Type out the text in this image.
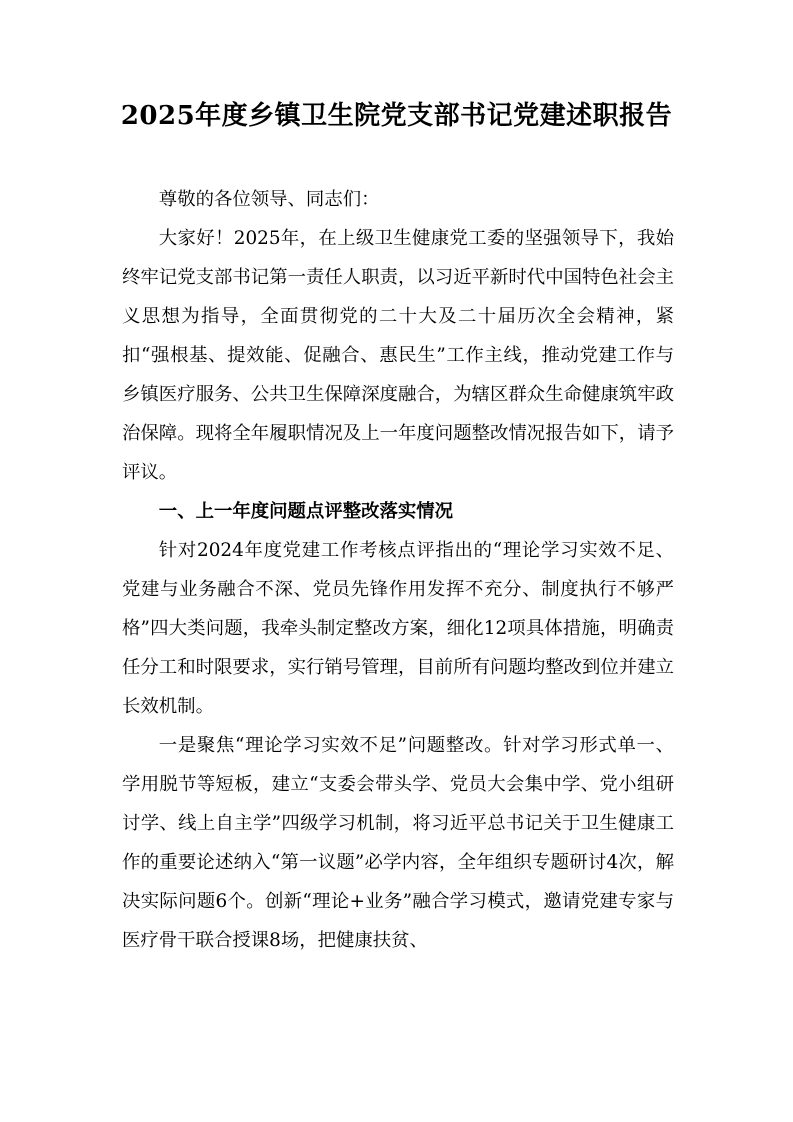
2025年度乡镇卫生院党支部书记党建述职报告

尊敬的各位领导、同志们：

大家好！2025年，在上级卫生健康党工委的坚强领导下，我始终牢记党支部书记第一责任人职责，以习近平新时代中国特色社会主义思想为指导，全面贯彻党的二十大及二十届历次全会精神，紧扣“强根基、提效能、促融合、惠民生”工作主线，推动党建工作与乡镇医疗服务、公共卫生保障深度融合，为辖区群众生命健康筑牢政治保障。现将全年履职情况及上一年度问题整改情况报告如下，请予评议。

一、上一年度问题点评整改落实情况

针对2024年度党建工作考核点评指出的“理论学习实效不足、党建与业务融合不深、党员先锋作用发挥不充分、制度执行不够严格”四大类问题，我牵头制定整改方案，细化12项具体措施，明确责任分工和时限要求，实行销号管理，目前所有问题均整改到位并建立长效机制。

一是聚焦“理论学习实效不足”问题整改。针对学习形式单一、学用脱节等短板，建立“支委会带头学、党员大会集中学、党小组研讨学、线上自主学”四级学习机制，将习近平总书记关于卫生健康工作的重要论述纳入“第一议题”必学内容，全年组织专题研讨4次，解决实际问题6个。创新“理论+业务”融合学习模式，邀请党建专家与医疗骨干联合授课8场，把健康扶贫、
